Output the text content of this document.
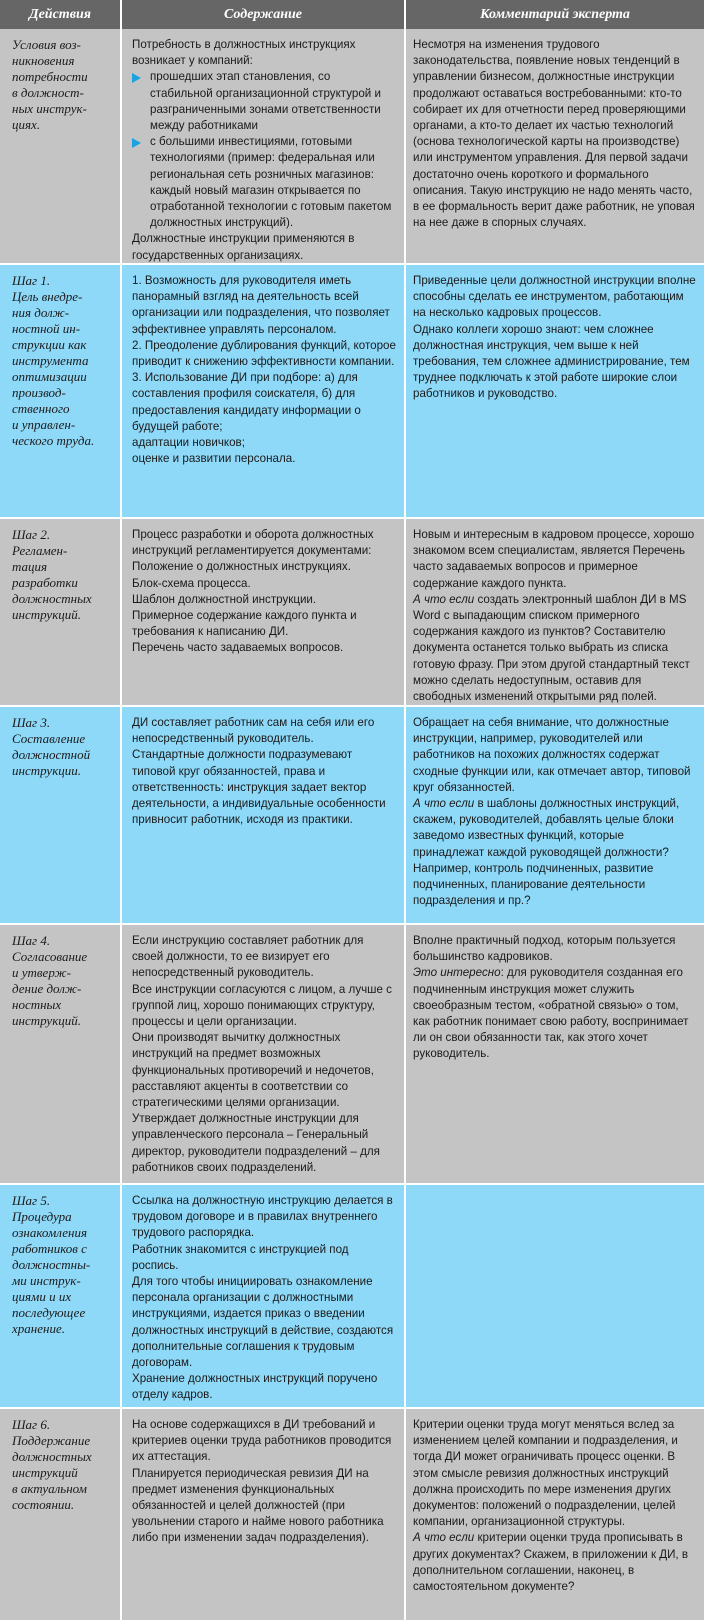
Действия	Содержание	Комментарий эксперта
Условия воз-
никновения
потребности
в должност-
ных инструк-
циях.

Потребность в должностных инструкциях возникает у компаний:

прошедших этап становления, со стабильной организационной структурой и разграниченными зонами ответственности между работниками

с большими инвестициями, готовыми технологиями (пример: федеральная или региональная сеть розничных магазинов: каждый новый магазин открывается по отработанной технологии с готовым пакетом должностных инструкций).

Должностные инструкции применяются в государственных организациях.

Несмотря на изменения трудового законодательства, появление новых тенденций в управлении бизнесом, должностные инструкции продолжают оставаться востребованными: кто-то собирает их для отчетности перед проверяющими органами, а кто-то делает их частью технологий (основа технологической карты на производстве) или инструментом управления. Для первой задачи достаточно очень короткого и формального описания. Такую инструкцию не надо менять часто, в ее формальность верит даже работник, не уповая на нее даже в спорных случаях.

Шаг 1.
Цель внедре-
ния долж-
ностной ин-
струкции как
инструмента
оптимизации
производ-
ственного
и управлен-
ческого труда.

1. Возможность для руководителя иметь панорамный взгляд на деятельность всей организации или подразделения, что позволяет эффективнее управлять персоналом.

2. Преодоление дублирования функций, которое приводит к снижению эффективности компании.

3. Использование ДИ при подборе: а) для составления профиля соискателя, б) для предоставления кандидату информации о будущей работе;

адаптации новичков;

оценке и развитии персонала.

Приведенные цели должностной инструкции вполне способны сделать ее инструментом, работающим на несколько кадровых процессов.

Однако коллеги хорошо знают: чем сложнее должностная инструкция, чем выше к ней требования, тем сложнее администрирование, тем труднее подключать к этой работе широкие слои работников и руководство.

Шаг 2.
Регламен-
тация
разработки
должностных
инструкций.

Процесс разработки и оборота должностных инструкций регламентируется документами:

Положение о должностных инструкциях.

Блок-схема процесса.

Шаблон должностной инструкции.

Примерное содержание каждого пункта и требования к написанию ДИ.

Перечень часто задаваемых вопросов.

Новым и интересным в кадровом процессе, хорошо знакомом всем специалистам, является Перечень часто задаваемых вопросов и примерное содержание каждого пункта.

А что если создать электронный шаблон ДИ в MS Word с выпадающим списком примерного содержания каждого из пунктов? Составителю документа останется только выбрать из списка готовую фразу. При этом другой стандартный текст можно сделать недоступным, оставив для свободных изменений открытыми ряд полей.

Шаг 3.
Составление
должностной
инструкции.

ДИ составляет работник сам на себя или его непосредственный руководитель.

Стандартные должности подразумевают типовой круг обязанностей, права и ответственность: инструкция задает вектор деятельности, а индивидуальные особенности привносит работник, исходя из практики.

Обращает на себя внимание, что должностные инструкции, например, руководителей или работников на похожих должностях содержат сходные функции или, как отмечает автор, типовой круг обязанностей.

А что если в шаблоны должностных инструкций, скажем, руководителей, добавлять целые блоки заведомо известных функций, которые принадлежат каждой руководящей должности? Например, контроль подчиненных, развитие подчиненных, планирование деятельности подразделения и пр.?

Шаг 4.
Согласование
и утверж-
дение долж-
ностных
инструкций.

Если инструкцию составляет работник для своей должности, то ее визирует его непосредственный руководитель.

Все инструкции согласуются с лицом, а лучше с группой лиц, хорошо понимающих структуру, процессы и цели организации.

Они производят вычитку должностных инструкций на предмет возможных функциональных противоречий и недочетов, расставляют акценты в соответствии со стратегическими целями организации.

Утверждает должностные инструкции для управленческого персонала – Генеральный директор, руководители подразделений – для работников своих подразделений.

Вполне практичный подход, которым пользуется большинство кадровиков.

Это интересно: для руководителя созданная его подчиненным инструкция может служить своеобразным тестом, «обратной связью» о том, как работник понимает свою работу, воспринимает ли он свои обязанности так, как этого хочет руководитель.

Шаг 5.
Процедура
ознакомления
работников с
должностны-
ми инструк-
циями и их
последующее
хранение.

Ссылка на должностную инструкцию делается в трудовом договоре и в правилах внутреннего трудового распорядка.

Работник знакомится с инструкцией под роспись.

Для того чтобы инициировать ознакомление персонала организации с должностными инструкциями, издается приказ о введении должностных инструкций в действие, создаются дополнительные соглашения к трудовым договорам.

Хранение должностных инструкций поручено отделу кадров.

Шаг 6.
Поддержание
должностных
инструкций
в актуальном
состоянии.

На основе содержащихся в ДИ требований и критериев оценки труда работников проводится их аттестация.

Планируется периодическая ревизия ДИ на предмет изменения функциональных обязанностей и целей должностей (при увольнении старого и найме нового работника либо при изменении задач подразделения).

Критерии оценки труда могут меняться вслед за изменением целей компании и подразделения, и тогда ДИ может ограничивать процесс оценки. В этом смысле ревизия должностных инструкций должна происходить по мере изменения других документов: положений о подразделении, целей компании, организационной структуры.

А что если критерии оценки труда прописывать в других документах? Скажем, в приложении к ДИ, в дополнительном соглашении, наконец, в самостоятельном документе?
